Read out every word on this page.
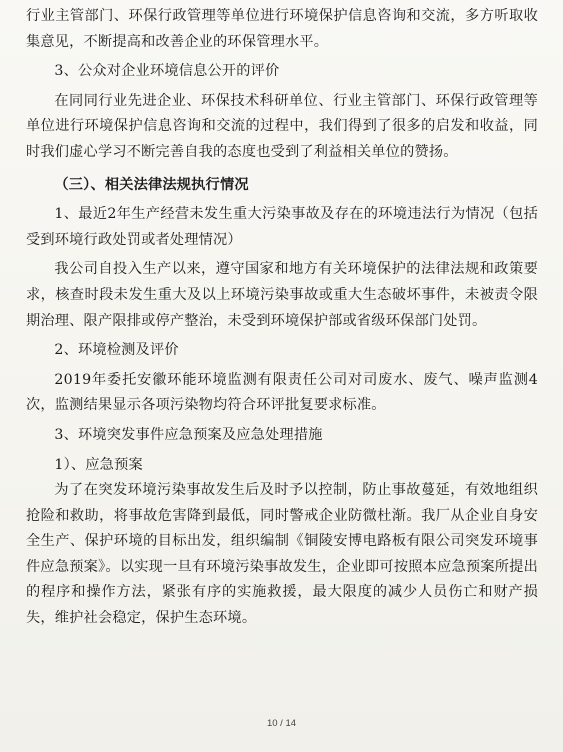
行业主管部门、环保行政管理等单位进行环境保护信息咨询和交流，多方听取收集意见，不断提高和改善企业的环保管理水平。

3、公众对企业环境信息公开的评价

在同同行业先进企业、环保技术科研单位、行业主管部门、环保行政管理等单位进行环境保护信息咨询和交流的过程中，我们得到了很多的启发和收益，同时我们虚心学习不断完善自我的态度也受到了利益相关单位的赞扬。

（三）、相关法律法规执行情况

1、最近2年生产经营未发生重大污染事故及存在的环境违法行为情况（包括受到环境行政处罚或者处理情况）

我公司自投入生产以来，遵守国家和地方有关环境保护的法律法规和政策要求，核查时段未发生重大及以上环境污染事故或重大生态破坏事件，未被责令限期治理、限产限排或停产整治，未受到环境保护部或省级环保部门处罚。

2、环境检测及评价

2019年委托安徽环能环境监测有限责任公司对司废水、废气、噪声监测4次，监测结果显示各项污染物均符合环评批复要求标准。

3、环境突发事件应急预案及应急处理措施

1）、应急预案

为了在突发环境污染事故发生后及时予以控制，防止事故蔓延，有效地组织抢险和救助，将事故危害降到最低，同时警戒企业防微杜渐。我厂从企业自身安全生产、保护环境的目标出发，组织编制《铜陵安博电路板有限公司突发环境事件应急预案》。以实现一旦有环境污染事故发生，企业即可按照本应急预案所提出的程序和操作方法，紧张有序的实施救援，最大限度的减少人员伤亡和财产损失，维护社会稳定，保护生态环境。

10 / 14
